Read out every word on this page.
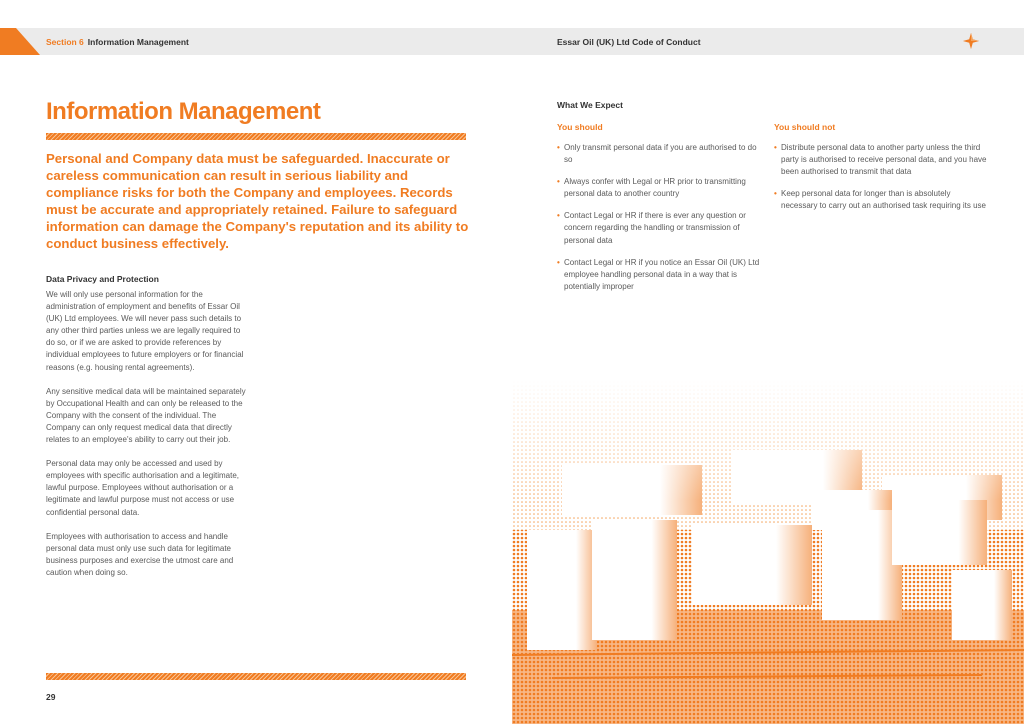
Section 6 Information Management	Essar Oil (UK) Ltd Code of Conduct
Information Management

Personal and Company data must be safeguarded. Inaccurate or careless communication can result in serious liability and compliance risks for both the Company and employees. Records must be accurate and appropriately retained. Failure to safeguard information can damage the Company's reputation and its ability to conduct business effectively.

Data Privacy and Protection

We will only use personal information for the administration of employment and benefits of Essar Oil (UK) Ltd employees. We will never pass such details to any other third parties unless we are legally required to do so, or if we are asked to provide references by individual employees to future employers or for financial reasons (e.g. housing rental agreements).

Any sensitive medical data will be maintained separately by Occupational Health and can only be released to the Company with the consent of the individual. The Company can only request medical data that directly relates to an employee's ability to carry out their job.

Personal data may only be accessed and used by employees with specific authorisation and a legitimate, lawful purpose. Employees without authorisation or a legitimate and lawful purpose must not access or use confidential personal data.

Employees with authorisation to access and handle personal data must only use such data for legitimate business purposes and exercise the utmost care and caution when doing so.

29
What We Expect
You should	You should not
• Only transmit personal data if you are authorised to do so
• Always confer with Legal or HR prior to transmitting personal data to another country
• Contact Legal or HR if there is ever any question or concern regarding the handling or transmission of personal data
• Contact Legal or HR if you notice an Essar Oil (UK) Ltd employee handling personal data in a way that is potentially improper
• Distribute personal data to another party unless the third party is authorised to receive personal data, and you have been authorised to transmit that data
• Keep personal data for longer than is absolutely necessary to carry out an authorised task requiring its use
